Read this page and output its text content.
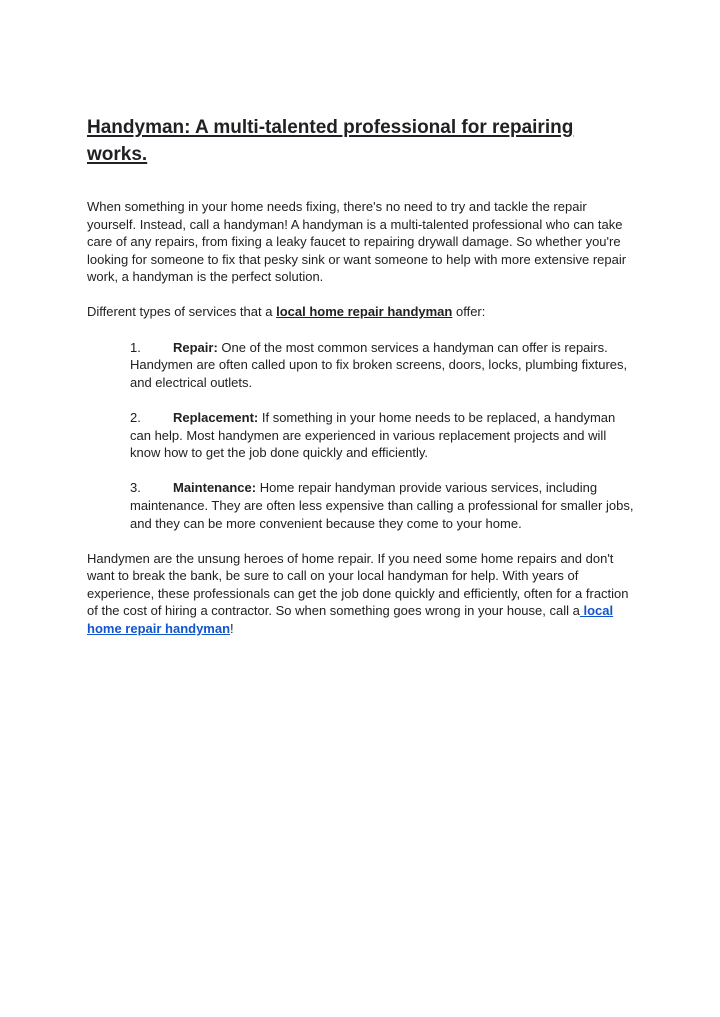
Handyman: A multi-talented professional for repairing works.

When something in your home needs fixing, there's no need to try and tackle the repair yourself. Instead, call a handyman! A handyman is a multi-talented professional who can take care of any repairs, from fixing a leaky faucet to repairing drywall damage. So whether you're looking for someone to fix that pesky sink or want someone to help with more extensive repair work, a handyman is the perfect solution.

Different types of services that a local home repair handyman offer:

1. Repair: One of the most common services a handyman can offer is repairs. Handymen are often called upon to fix broken screens, doors, locks, plumbing fixtures, and electrical outlets.
2. Replacement: If something in your home needs to be replaced, a handyman can help. Most handymen are experienced in various replacement projects and will know how to get the job done quickly and efficiently.
3. Maintenance: Home repair handyman provide various services, including maintenance. They are often less expensive than calling a professional for smaller jobs, and they can be more convenient because they come to your home.

Handymen are the unsung heroes of home repair. If you need some home repairs and don't want to break the bank, be sure to call on your local handyman for help. With years of experience, these professionals can get the job done quickly and efficiently, often for a fraction of the cost of hiring a contractor. So when something goes wrong in your house, call a local home repair handyman!
